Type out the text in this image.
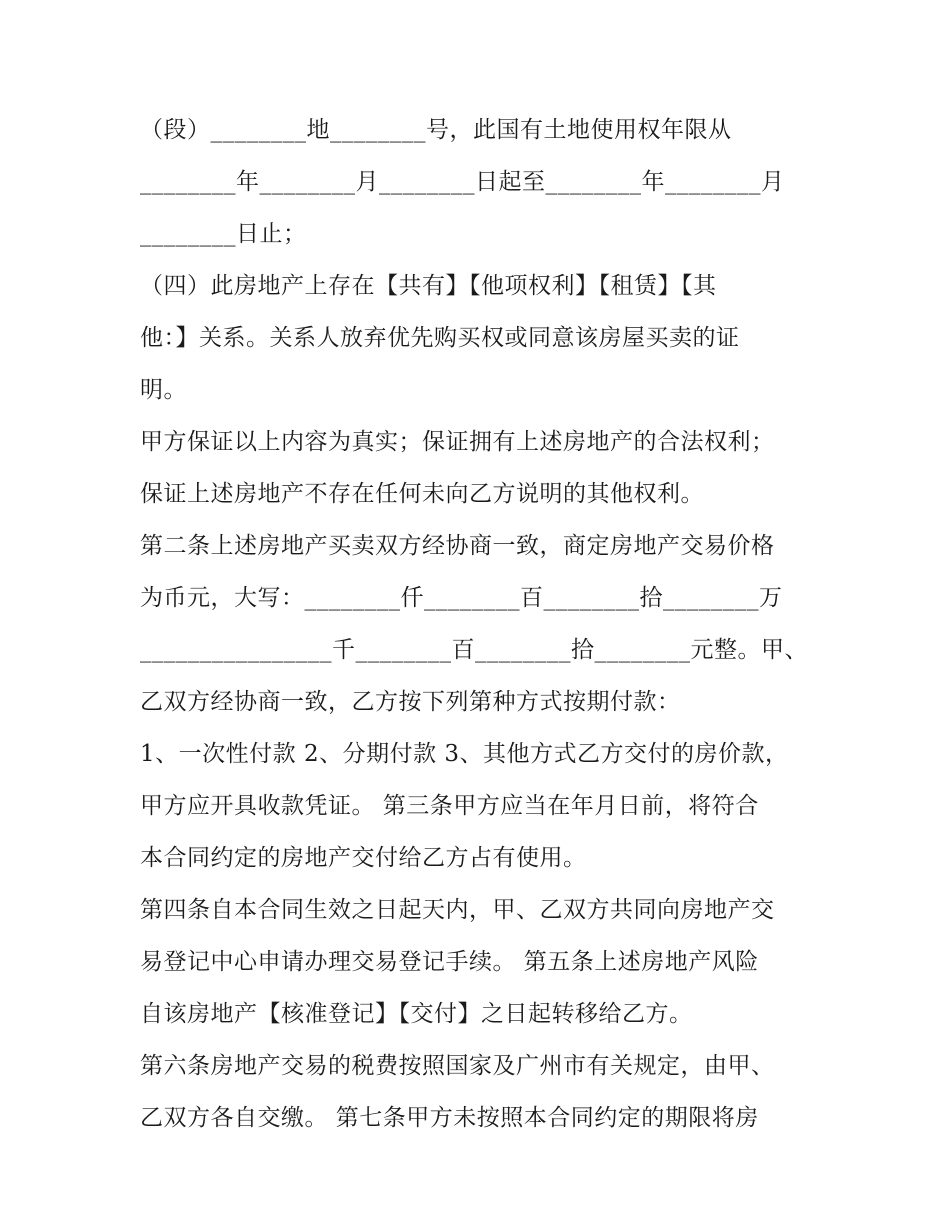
（段）________地________号，此国有土地使用权年限从
________年________月________日起至________年________月
________日止；
（四）此房地产上存在【共有】【他项权利】【租赁】【其
他：】关系。关系人放弃优先购买权或同意该房屋买卖的证
明。
甲方保证以上内容为真实；保证拥有上述房地产的合法权利；
保证上述房地产不存在任何未向乙方说明的其他权利。
第二条上述房地产买卖双方经协商一致，商定房地产交易价格
为币元，大写：________仟________百________拾________万
________________千________百________拾________元整。甲、
乙双方经协商一致，乙方按下列第种方式按期付款：
1、一次性付款 2、分期付款 3、其他方式乙方交付的房价款，
甲方应开具收款凭证。 第三条甲方应当在年月日前，将符合
本合同约定的房地产交付给乙方占有使用。
第四条自本合同生效之日起天内，甲、乙双方共同向房地产交
易登记中心申请办理交易登记手续。 第五条上述房地产风险
自该房地产【核准登记】【交付】之日起转移给乙方。
第六条房地产交易的税费按照国家及广州市有关规定，由甲、
乙双方各自交缴。 第七条甲方未按照本合同约定的期限将房
